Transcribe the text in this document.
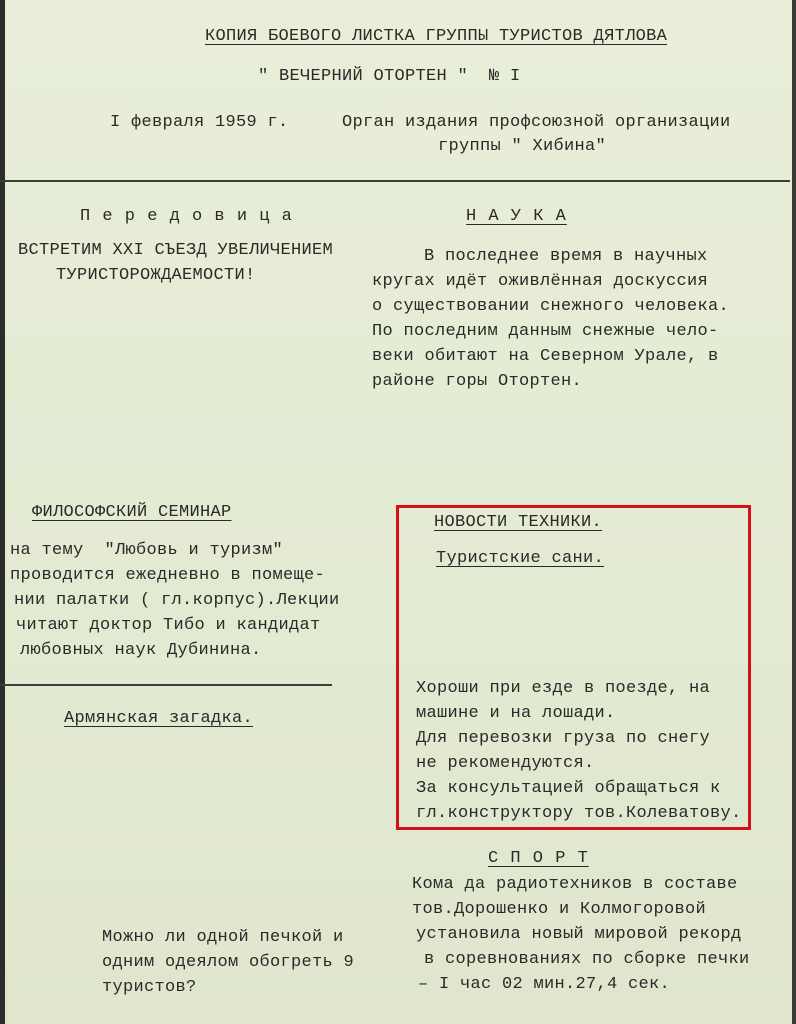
КОПИЯ БОЕВОГО ЛИСТКА ГРУППЫ ТУРИСТОВ ДЯТЛОВА
" ВЕЧЕРНИЙ ОТОРТЕН "  № I
I февраля 1959 г.	Орган издания профсоюзной организации
группы " Хибина"
П е р е д о в и ц а
ВСТРЕТИМ XXI СЪЕЗД УВЕЛИЧЕНИЕМ
ТУРИСТОРОЖДАЕМОСТИ!
Н А У К А
В последнее время в научных
кругах идёт оживлённая доскуссия
о существовании снежного человека.
По последним данным снежные чело-
веки обитают на Северном Урале, в
районе горы Отортен.
ФИЛОСОФСКИЙ СЕМИНАР
на тему  "Любовь и туризм"
проводится ежедневно в помеще-
нии палатки ( гл.корпус).Лекции
читают доктор Тибо и кандидат
любовных наук Дубинина.
Армянская загадка.
Можно ли одной печкой и
одним одеялом обогреть 9
туристов?
НОВОСТИ ТЕХНИКИ.
Туристские сани.
Хороши при езде в поезде, на
машине и на лошади.
Для перевозки груза по снегу
не рекомендуются.
За консультацией обращаться к
гл.конструктору тов.Колеватову.
С П О Р Т
Кома да радиотехников в составе
тов.Дорошенко и Колмогоровой
установила новый мировой рекорд
в соревнованиях по сборке печки
– I час 02 мин.27,4 сек.
